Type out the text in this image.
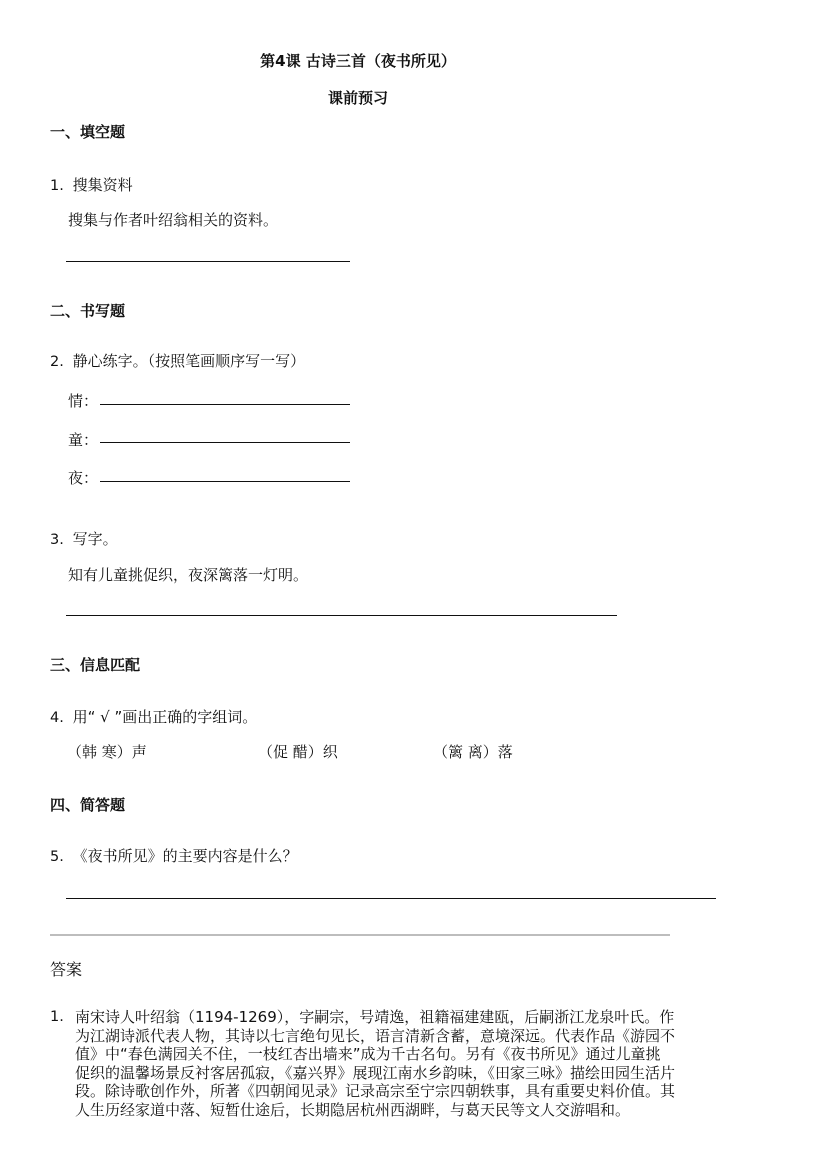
第4课 古诗三首（夜书所见）
课前预习
一、填空题
1. 搜集资料
搜集与作者叶绍翁相关的资料。
二、书写题
2. 静心练字。（按照笔画顺序写一写）
情：
童：
夜：
3. 写字。
知有儿童挑促织，夜深篱落一灯明。
三、信息匹配
4. 用“ √ ”画出正确的字组词。
（韩 寒）声	（促 醋）织	（篱 离）落
四、简答题
5. 《夜书所见》的主要内容是什么？
答案
1. 南宋诗人叶绍翁（1194-1269），字嗣宗，号靖逸，祖籍福建建瓯，后嗣浙江龙泉叶氏。作为江湖诗派代表人物，其诗以七言绝句见长，语言清新含蓄，意境深远。代表作品《游园不值》中“春色满园关不住，一枝红杏出墙来”成为千古名句。另有《夜书所见》通过儿童挑促织的温馨场景反衬客居孤寂，《嘉兴界》展现江南水乡韵味，《田家三咏》描绘田园生活片段。除诗歌创作外，所著《四朝闻见录》记录高宗至宁宗四朝轶事，具有重要史料价值。其人生历经家道中落、短暂仕途后，长期隐居杭州西湖畔，与葛天民等文人交游唱和。
